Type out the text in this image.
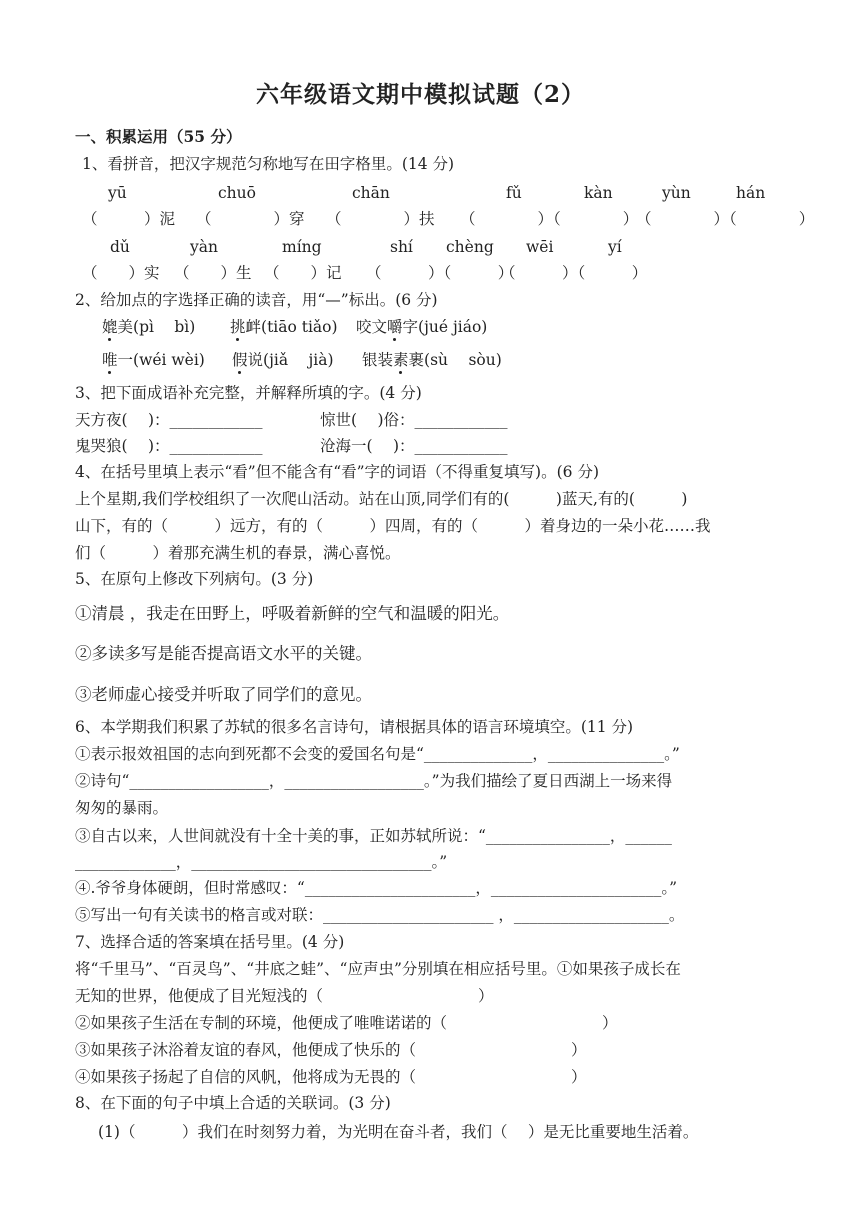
六年级语文期中模拟试题（2）
一、积累运用（55 分）
1、看拼音，把汉字规范匀称地写在田字格里。(14 分)
yū	chuō	chān	fǔ	kàn	yùn	hán
（　　　）泥 （　　　　）穿 （　　　　）扶 （　　　　）（　　　　）
（　　　　）（　　　　）
dǔ	yàn	míng	shí chèng wēi	yí
（　　）实 （　　）生 （　　）记 （　　　）（　　　）
（　　　）（　　　）
2、给加点的字选择正确的读音，用“—”标出。(6 分)
媲美(pì　 bì) 挑衅(tiāo tiǎo) 咬文嚼字(jué jiáo)
唯一(wéi wèi) 假说(jiǎ　 jià) 银装素裹(sù　 sòu)
3、把下面成语补充完整，并解释所填的字。(4 分)
天方夜(　 )：____________	惊世(　 )俗：____________
鬼哭狼(　 )：____________	沧海一(　 )：____________
4、在括号里填上表示“看”但不能含有“看”字的词语（不得重复填写)。(6 分)
上个星期,我们学校组织了一次爬山活动。站在山顶,同学们有的(　　　)蓝天,有的(　　　)
山下，有的（　　　）远方，有的（　　　）四周，有的（　　　）着身边的一朵小花……我
们（　　　）着那充满生机的春景，满心喜悦。
5、在原句上修改下列病句。(3 分)
①清晨 ，我走在田野上，呼吸着新鲜的空气和温暖的阳光。
②多读多写是能否提高语文水平的关键。
③老师虚心接受并听取了同学们的意见。
6、本学期我们积累了苏轼的很多名言诗句，请根据具体的语言环境填空。(11 分)
①表示报效祖国的志向到死都不会变的爱国名句是“______________，_______________。”
②诗句“__________________，__________________。”为我们描绘了夏日西湖上一场来得
匆匆的暴雨。
③自古以来，人世间就没有十全十美的事，正如苏轼所说：“________________，______
_____________，_______________________________。”
④.爷爷身体硬朗，但时常感叹：“______________________，______________________。”
⑤写出一句有关读书的格言或对联：______________________ ，____________________。
7、选择合适的答案填在括号里。(4 分)
将“千里马”、“百灵鸟”、“井底之蛙”、“应声虫”分别填在相应括号里。①如果孩子成长在
无知的世界，他便成了目光短浅的（　　　　　　　　　　）
②如果孩子生活在专制的环境，他便成了唯唯诺诺的（　　　　　　　　　　）
③如果孩子沐浴着友谊的春风，他便成了快乐的（　　　　　　　　　　）
④如果孩子扬起了自信的风帆，他将成为无畏的（　　　　　　　　　　）
8、在下面的句子中填上合适的关联词。(3 分)
(1)（　　　）我们在时刻努力着，为光明在奋斗者，我们（　 ）是无比重要地生活着。
